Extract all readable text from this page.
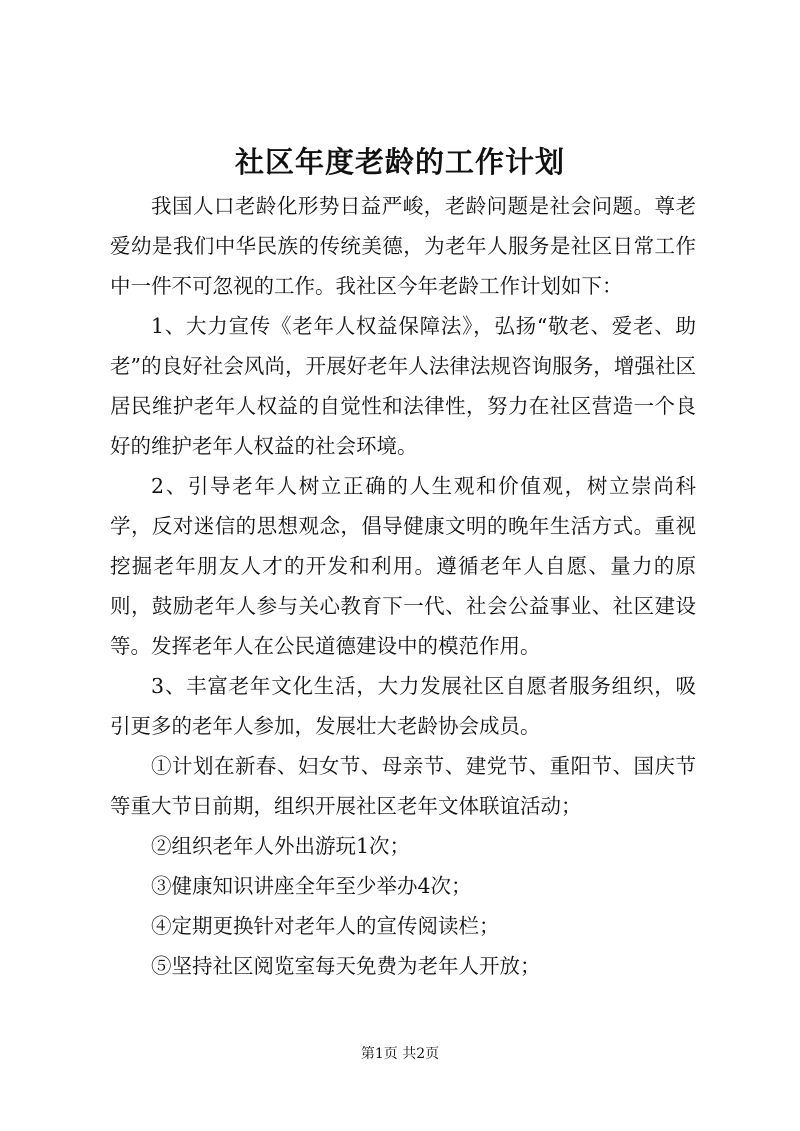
社区年度老龄的工作计划

我国人口老龄化形势日益严峻，老龄问题是社会问题。尊老爱幼是我们中华民族的传统美德，为老年人服务是社区日常工作中一件不可忽视的工作。我社区今年老龄工作计划如下：

1、大力宣传《老年人权益保障法》，弘扬“敬老、爱老、助老”的良好社会风尚，开展好老年人法律法规咨询服务，增强社区居民维护老年人权益的自觉性和法律性，努力在社区营造一个良好的维护老年人权益的社会环境。

2、引导老年人树立正确的人生观和价值观，树立崇尚科学，反对迷信的思想观念，倡导健康文明的晚年生活方式。重视挖掘老年朋友人才的开发和利用。遵循老年人自愿、量力的原则，鼓励老年人参与关心教育下一代、社会公益事业、社区建设等。发挥老年人在公民道德建设中的模范作用。

3、丰富老年文化生活，大力发展社区自愿者服务组织，吸引更多的老年人参加，发展壮大老龄协会成员。

①计划在新春、妇女节、母亲节、建党节、重阳节、国庆节等重大节日前期，组织开展社区老年文体联谊活动；

②组织老年人外出游玩1次；

③健康知识讲座全年至少举办4次；

④定期更换针对老年人的宣传阅读栏；

⑤坚持社区阅览室每天免费为老年人开放；

第1页 共2页
